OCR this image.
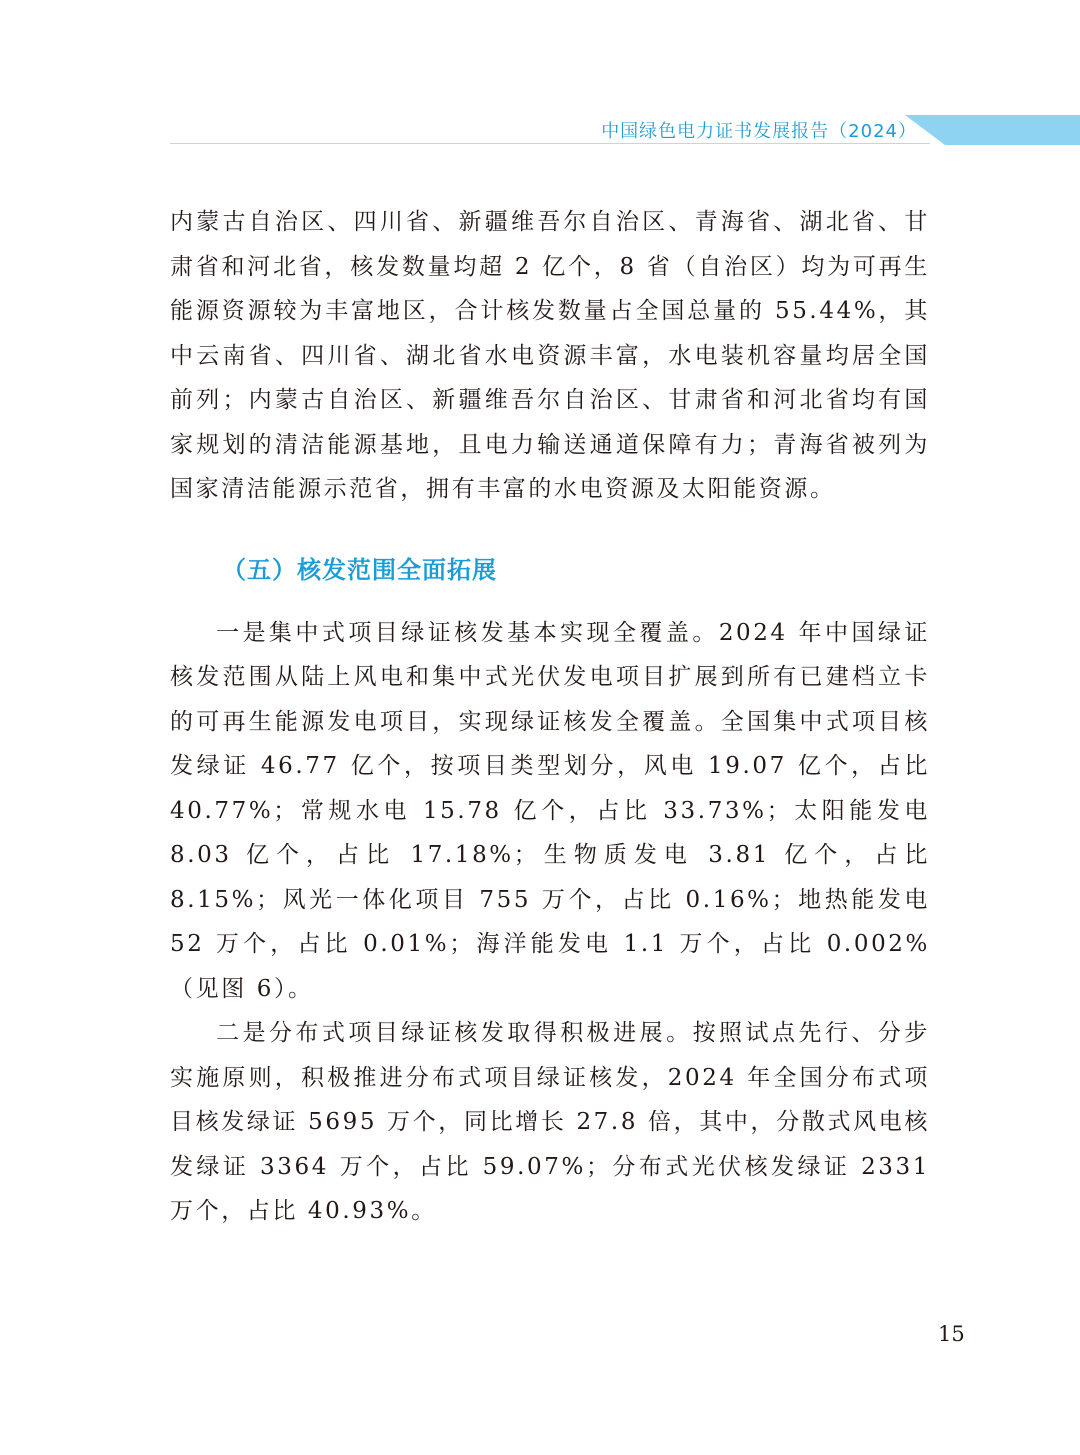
中国绿色电力证书发展报告（2024）

内蒙古自治区、四川省、新疆维吾尔自治区、青海省、湖北省、甘肃省和河北省，核发数量均超 2 亿个，8 省（自治区）均为可再生能源资源较为丰富地区，合计核发数量占全国总量的 55.44%，其中云南省、四川省、湖北省水电资源丰富，水电装机容量均居全国前列；内蒙古自治区、新疆维吾尔自治区、甘肃省和河北省均有国家规划的清洁能源基地，且电力输送通道保障有力；青海省被列为国家清洁能源示范省，拥有丰富的水电资源及太阳能资源。

（五）核发范围全面拓展

一是集中式项目绿证核发基本实现全覆盖。2024 年中国绿证核发范围从陆上风电和集中式光伏发电项目扩展到所有已建档立卡的可再生能源发电项目，实现绿证核发全覆盖。全国集中式项目核发绿证 46.77 亿个，按项目类型划分，风电 19.07 亿个，占比 40.77%；常规水电 15.78 亿个，占比 33.73%；太阳能发电 8.03 亿个，占比 17.18%；生物质发电 3.81 亿个，占比 8.15%；风光一体化项目 755 万个，占比 0.16%；地热能发电 52 万个，占比 0.01%；海洋能发电 1.1 万个，占比 0.002%（见图 6）。

二是分布式项目绿证核发取得积极进展。按照试点先行、分步实施原则，积极推进分布式项目绿证核发，2024 年全国分布式项目核发绿证 5695 万个，同比增长 27.8 倍，其中，分散式风电核发绿证 3364 万个，占比 59.07%；分布式光伏核发绿证 2331 万个，占比 40.93%。

15
